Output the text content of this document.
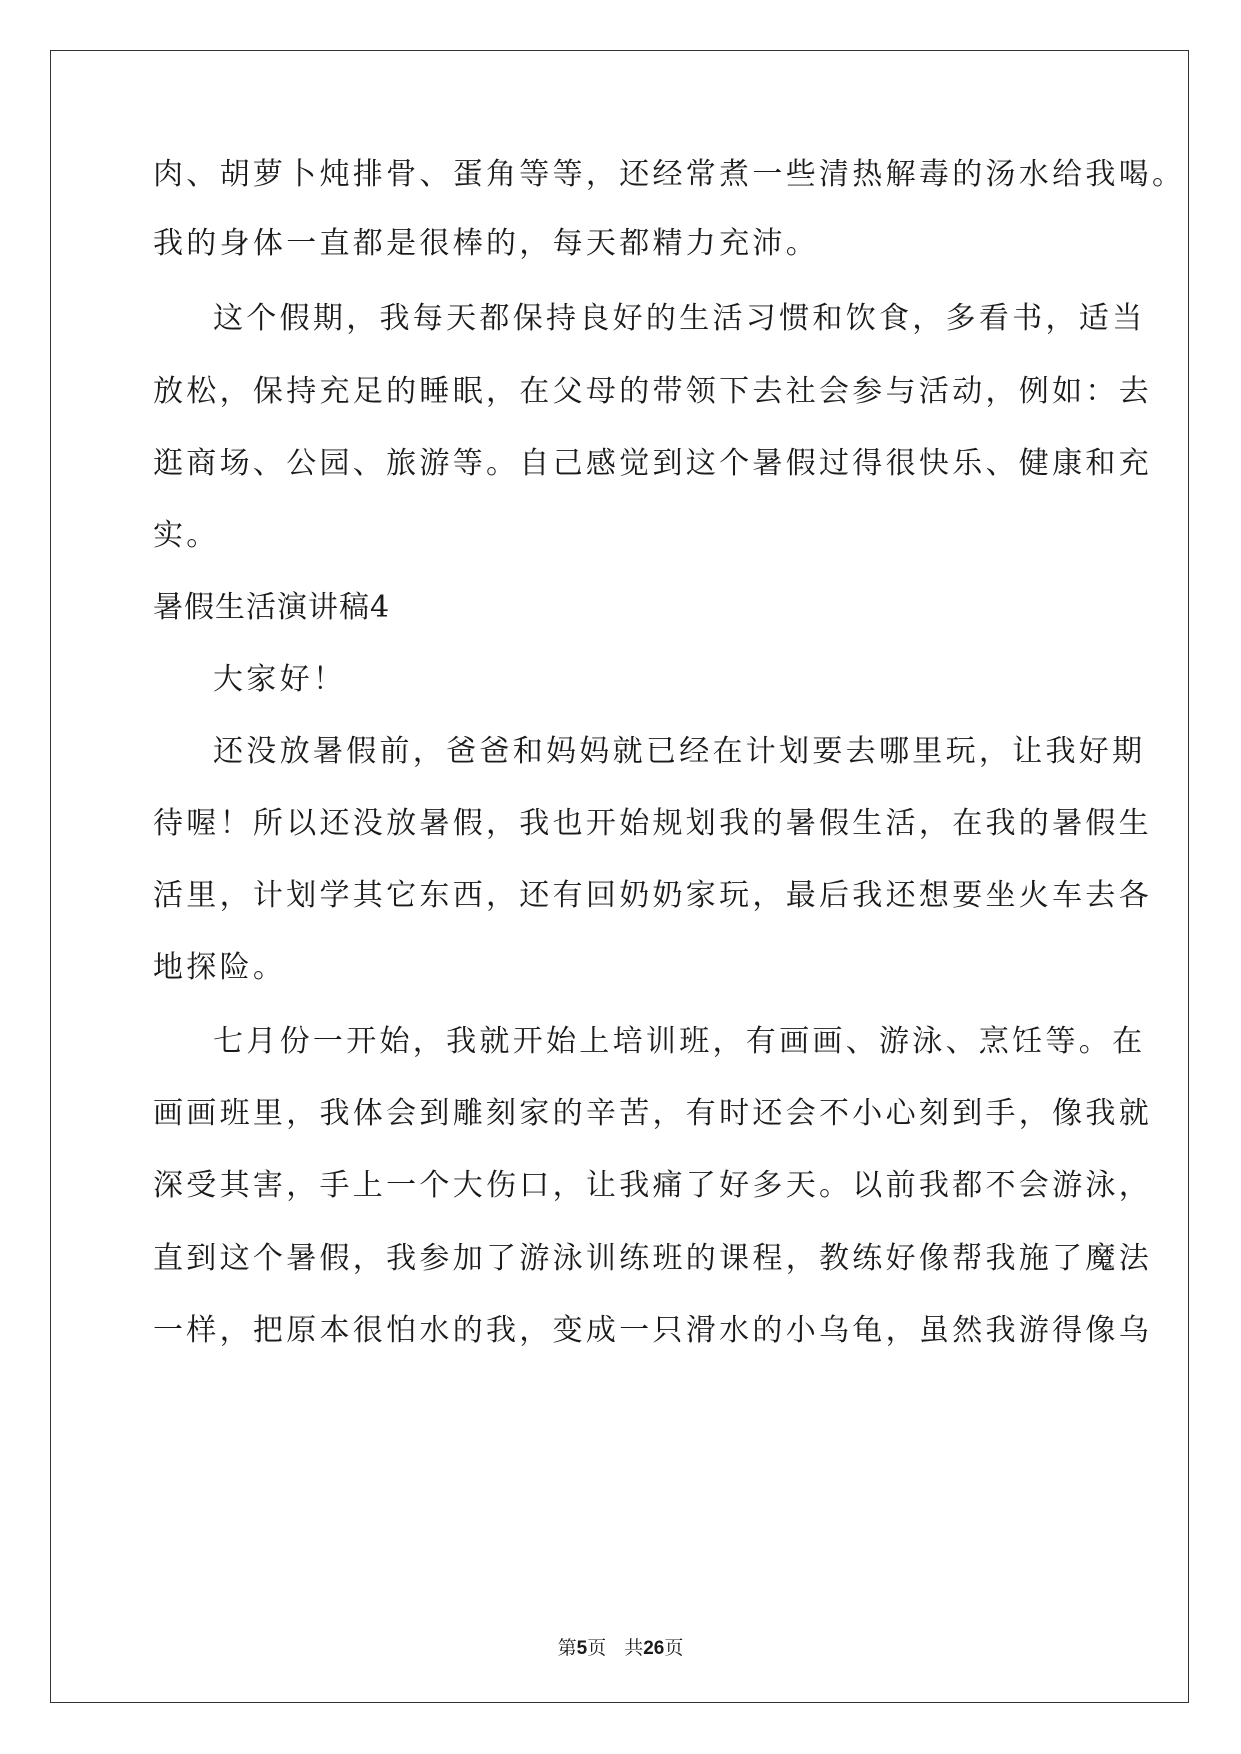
肉、胡萝卜炖排骨、蛋角等等，还经常煮一些清热解毒的汤水给我喝。
我的身体一直都是很棒的，每天都精力充沛。
这个假期，我每天都保持良好的生活习惯和饮食，多看书，适当
放松，保持充足的睡眠，在父母的带领下去社会参与活动，例如：去
逛商场、公园、旅游等。自己感觉到这个暑假过得很快乐、健康和充
实。
暑假生活演讲稿4
大家好！
还没放暑假前，爸爸和妈妈就已经在计划要去哪里玩，让我好期
待喔！所以还没放暑假，我也开始规划我的暑假生活，在我的暑假生
活里，计划学其它东西，还有回奶奶家玩，最后我还想要坐火车去各
地探险。
七月份一开始，我就开始上培训班，有画画、游泳、烹饪等。在
画画班里，我体会到雕刻家的辛苦，有时还会不小心刻到手，像我就
深受其害，手上一个大伤口，让我痛了好多天。以前我都不会游泳，
直到这个暑假，我参加了游泳训练班的课程，教练好像帮我施了魔法
一样，把原本很怕水的我，变成一只滑水的小乌龟，虽然我游得像乌
第5页 共26页
